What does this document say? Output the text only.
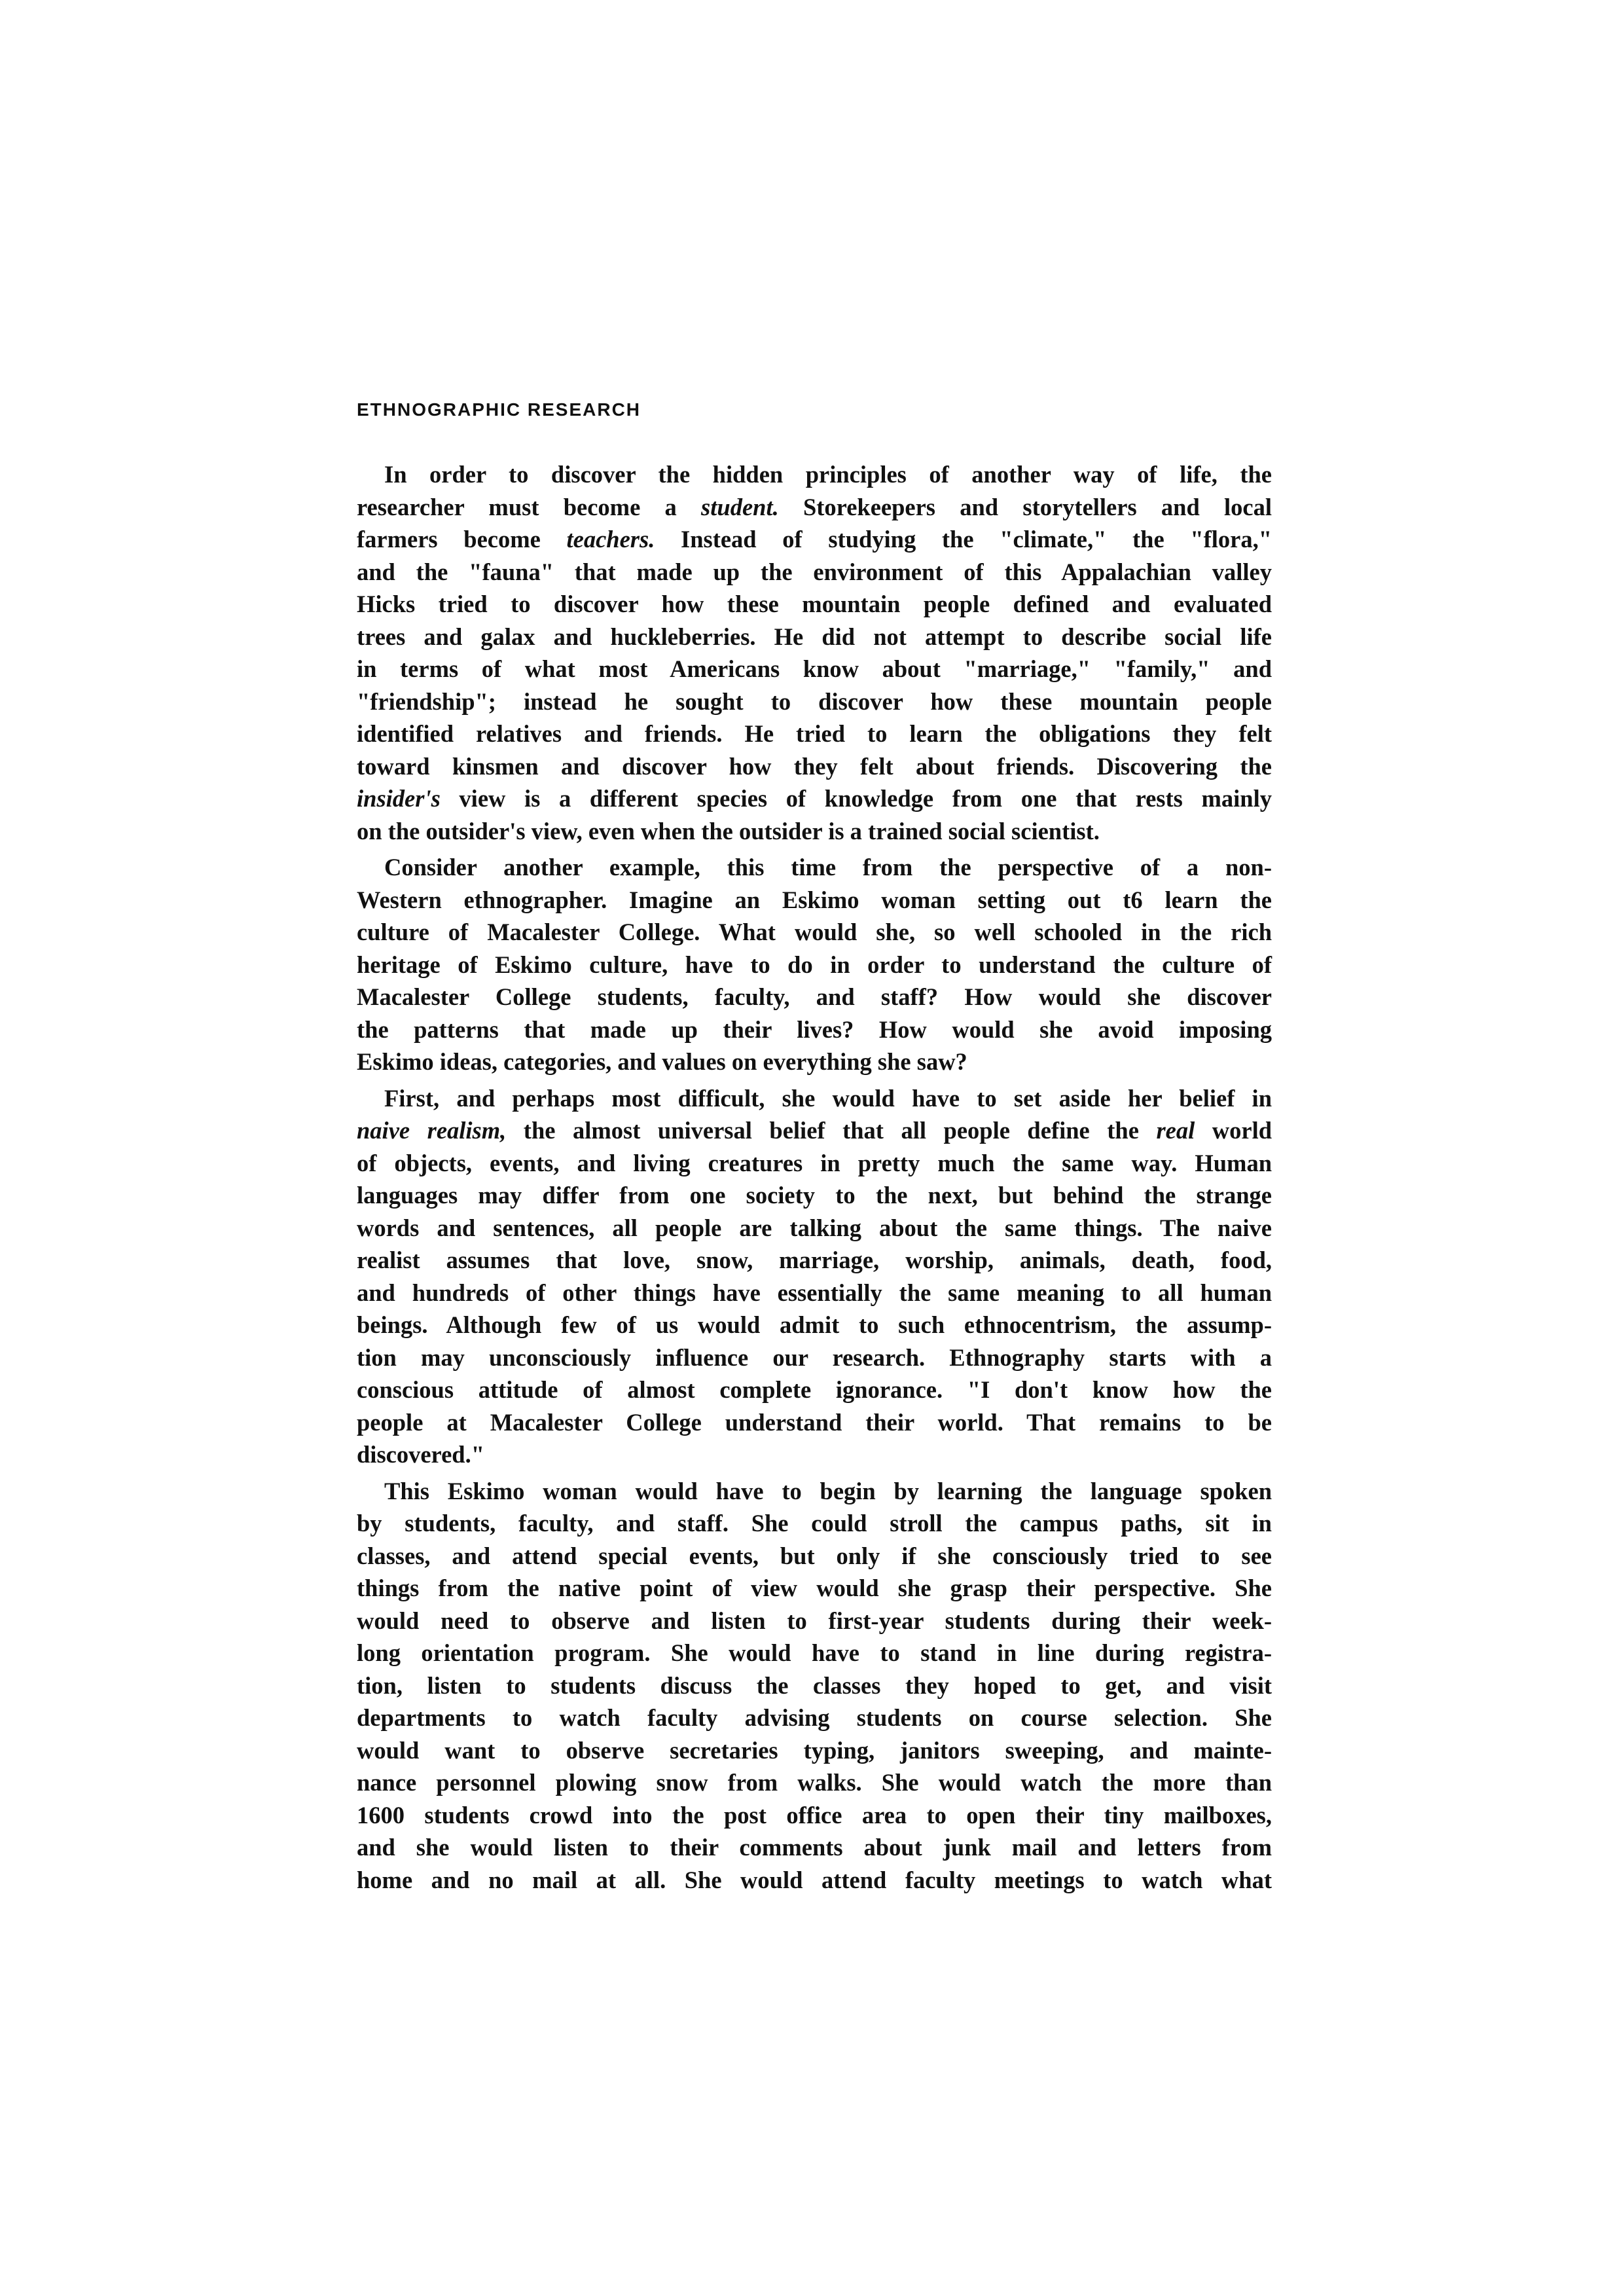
ETHNOGRAPHIC RESEARCH
In order to discover the hidden principles of another way of life, the
researcher must become a student. Storekeepers and storytellers and local
farmers become teachers. Instead of studying the "climate," the "flora,"
and the "fauna" that made up the environment of this Appalachian valley
Hicks tried to discover how these mountain people defined and evaluated
trees and galax and huckleberries. He did not attempt to describe social life
in terms of what most Americans know about "marriage," "family," and
"friendship"; instead he sought to discover how these mountain people
identified relatives and friends. He tried to learn the obligations they felt
toward kinsmen and discover how they felt about friends. Discovering the
insider's view is a different species of knowledge from one that rests mainly
on the outsider's view, even when the outsider is a trained social scientist.
Consider another example, this time from the perspective of a non-
Western ethnographer. Imagine an Eskimo woman setting out t6 learn the
culture of Macalester College. What would she, so well schooled in the rich
heritage of Eskimo culture, have to do in order to understand the culture of
Macalester College students, faculty, and staff? How would she discover
the patterns that made up their lives? How would she avoid imposing
Eskimo ideas, categories, and values on everything she saw?
First, and perhaps most difficult, she would have to set aside her belief in
naive realism, the almost universal belief that all people define the real world
of objects, events, and living creatures in pretty much the same way. Human
languages may differ from one society to the next, but behind the strange
words and sentences, all people are talking about the same things. The naive
realist assumes that love, snow, marriage, worship, animals, death, food,
and hundreds of other things have essentially the same meaning to all human
beings. Although few of us would admit to such ethnocentrism, the assump-
tion may unconsciously influence our research. Ethnography starts with a
conscious attitude of almost complete ignorance. "I don't know how the
people at Macalester College understand their world. That remains to be
discovered."
This Eskimo woman would have to begin by learning the language spoken
by students, faculty, and staff. She could stroll the campus paths, sit in
classes, and attend special events, but only if she consciously tried to see
things from the native point of view would she grasp their perspective. She
would need to observe and listen to first-year students during their week-
long orientation program. She would have to stand in line during registra-
tion, listen to students discuss the classes they hoped to get, and visit
departments to watch faculty advising students on course selection. She
would want to observe secretaries typing, janitors sweeping, and mainte-
nance personnel plowing snow from walks. She would watch the more than
1600 students crowd into the post office area to open their tiny mailboxes,
and she would listen to their comments about junk mail and letters from
home and no mail at all. She would attend faculty meetings to watch what
